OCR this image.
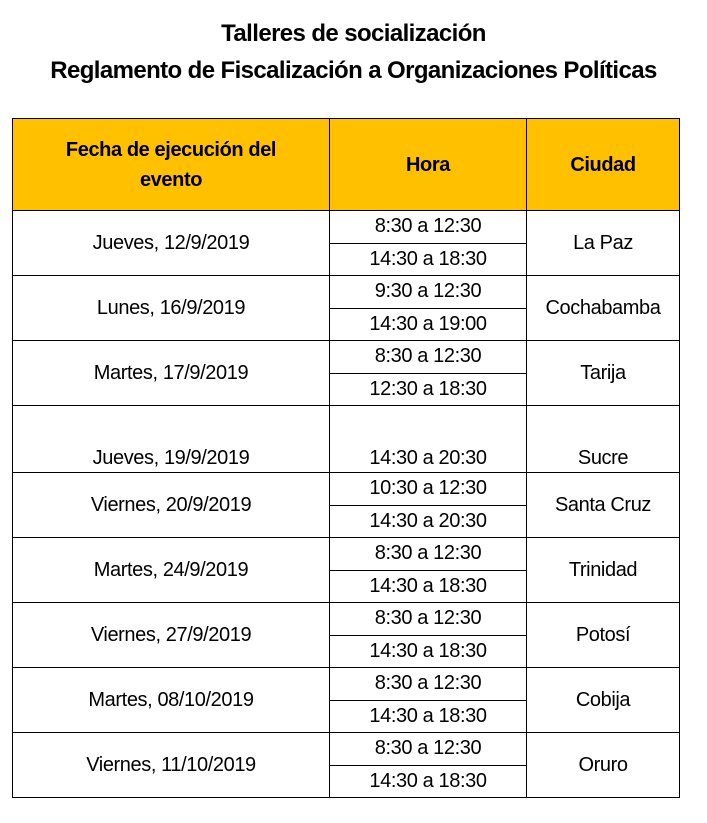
Talleres de socialización
Reglamento de Fiscalización a Organizaciones Políticas
Fecha de ejecución del evento	Hora	Ciudad
Jueves, 12/9/2019	8:30 a 12:30	La Paz
	14:30 a 18:30	
Lunes, 16/9/2019	9:30 a 12:30	Cochabamba
	14:30 a 19:00	
Martes, 17/9/2019	8:30 a 12:30	Tarija
	12:30 a 18:30	
Jueves, 19/9/2019	14:30 a 20:30	Sucre
Viernes, 20/9/2019	10:30 a 12:30	Santa Cruz
	14:30 a 20:30	
Martes, 24/9/2019	8:30 a 12:30	Trinidad
	14:30 a 18:30	
Viernes, 27/9/2019	8:30 a 12:30	Potosí
	14:30 a 18:30	
Martes, 08/10/2019	8:30 a 12:30	Cobija
	14:30 a 18:30	
Viernes, 11/10/2019	8:30 a 12:30	Oruro
	14:30 a 18:30	
